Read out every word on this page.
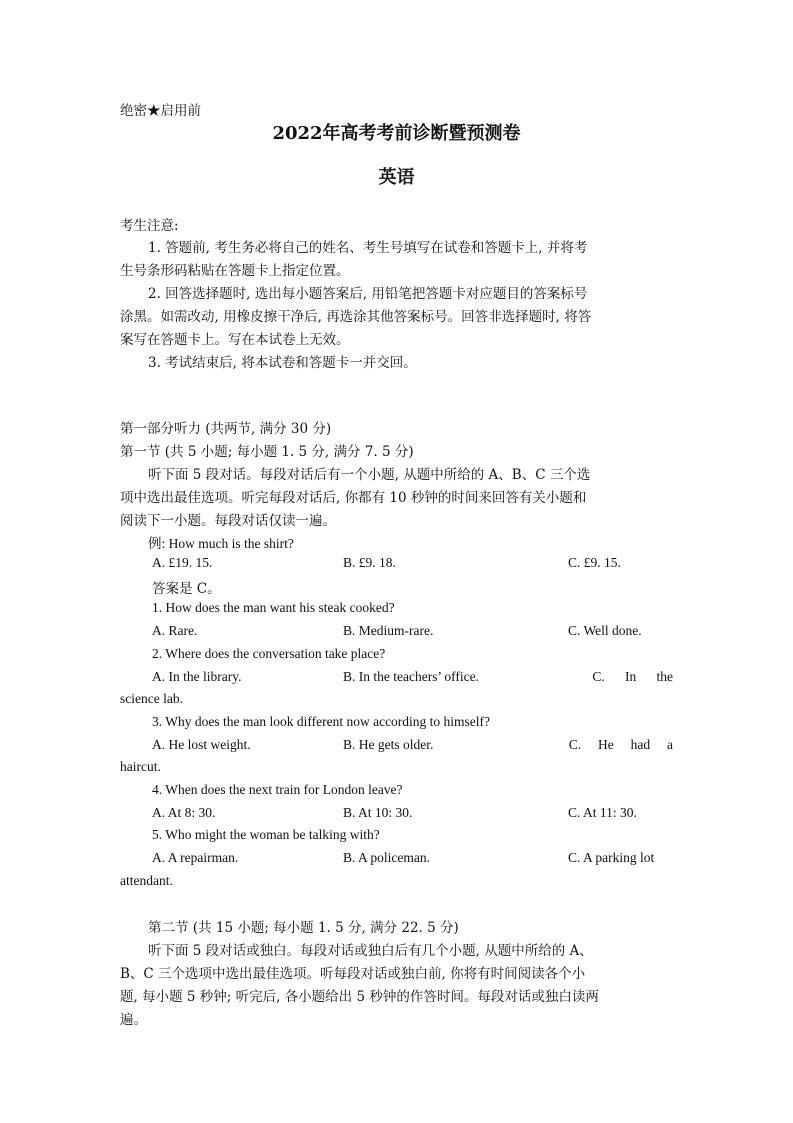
绝密★启用前
2022年高考考前诊断暨预测卷
英语
考生注意:
1. 答题前, 考生务必将自己的姓名、考生号填写在试卷和答题卡上, 并将考
生号条形码粘贴在答题卡上指定位置。
2. 回答选择题时, 选出每小题答案后, 用铅笔把答题卡对应题目的答案标号
涂黑。如需改动, 用橡皮擦干净后, 再选涂其他答案标号。回答非选择题时, 将答
案写在答题卡上。写在本试卷上无效。
3. 考试结束后, 将本试卷和答题卡一并交回。
第一部分听力 (共两节, 满分 30 分)
第一节 (共 5 小题; 每小题 1. 5 分, 满分 7. 5 分)
听下面 5 段对话。每段对话后有一个小题, 从题中所给的 A、B、C 三个选
项中选出最佳选项。听完每段对话后, 你都有 10 秒钟的时间来回答有关小题和
阅读下一小题。每段对话仅读一遍。
例: How much is the shirt?
A. £19. 15.	B. £9. 18.	C. £9. 15.
答案是 C。
1. How does the man want his steak cooked?
A. Rare.	B. Medium-rare.	C. Well done.
2. Where does the conversation take place?
A. In the library.	B. In the teachers’ office.	C.      In      the
science lab.
3. Why does the man look different now according to himself?
A. He lost weight.	B. He gets older.	C.     He     had     a
haircut.
4. When does the next train for London leave?
A. At 8: 30.	B. At 10: 30.	C. At 11: 30.
5. Who might the woman be talking with?
A. A repairman.	B. A policeman.	C. A parking lot
attendant.
第二节 (共 15 小题; 每小题 1. 5 分, 满分 22. 5 分)
听下面 5 段对话或独白。每段对话或独白后有几个小题, 从题中所给的 A、
B、C 三个选项中选出最佳选项。听每段对话或独白前, 你将有时间阅读各个小
题, 每小题 5 秒钟; 听完后, 各小题给出 5 秒钟的作答时间。每段对话或独白读两
遍。
